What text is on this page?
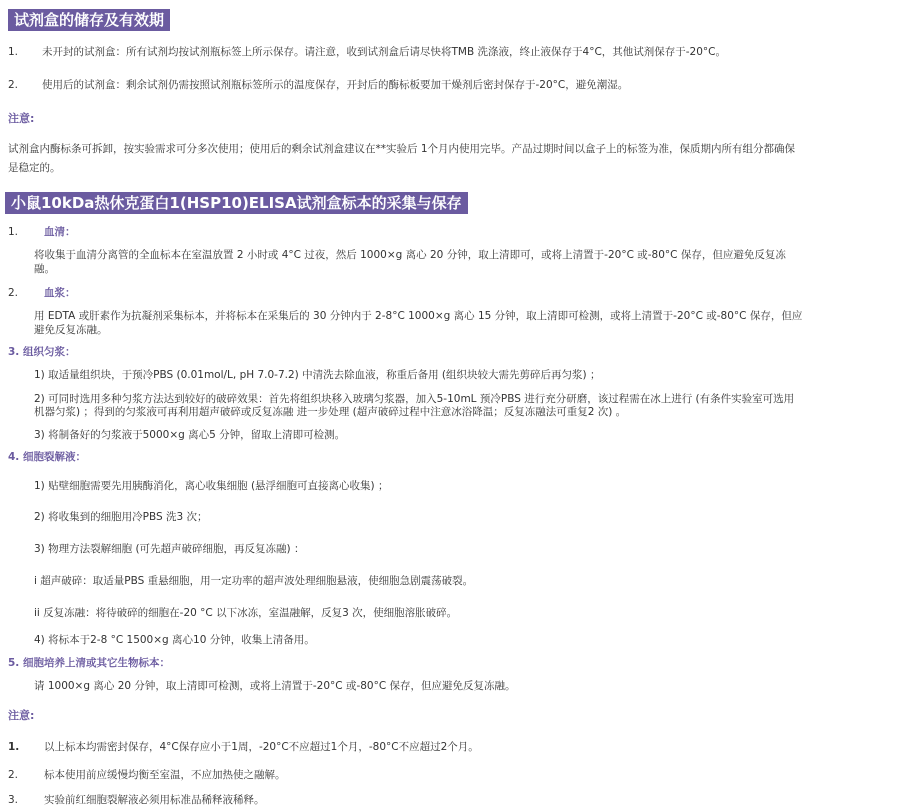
试剂盒的储存及有效期
1. 未开封的试剂盒：所有试剂均按试剂瓶标签上所示保存。请注意，收到试剂盒后请尽快将TMB 洗涤液，终止液保存于4°C，其他试剂保存于-20°C。
2. 使用后的试剂盒：剩余试剂仍需按照试剂瓶标签所示的温度保存，开封后的酶标板要加干燥剂后密封保存于-20°C，避免潮湿。
注意:
试剂盒内酶标条可拆卸，按实验需求可分多次使用；使用后的剩余试剂盒建议在**实验后 1个月内使用完毕。产品过期时间以盒子上的标签为准，保质期内所有组分都确保
是稳定的。
小鼠10kDa热休克蛋白1(HSP10)ELISA试剂盒标本的采集与保存
1. 血清：
将收集于血清分离管的全血标本在室温放置 2 小时或 4°C 过夜，然后 1000×g 离心 20 分钟，取上清即可，或将上清置于-20°C 或-80°C 保存，但应避免反复冻
融。
2. 血浆：
用 EDTA 或肝素作为抗凝剂采集标本，并将标本在采集后的 30 分钟内于 2-8°C 1000×g 离心 15 分钟，取上清即可检测，或将上清置于-20°C 或-80°C 保存，但应
避免反复冻融。
3. 组织匀浆：
1) 取适量组织块，于预冷PBS (0.01mol/L, pH 7.0-7.2) 中清洗去除血液，称重后备用 (组织块较大需先剪碎后再匀浆) ；
2) 可同时选用多种匀浆方法达到较好的破碎效果：首先将组织块移入玻璃匀浆器，加入5-10mL 预冷PBS 进行充分研磨，该过程需在冰上进行 (有条件实验室可选用
机器匀浆) ；得到的匀浆液可再利用超声破碎或反复冻融 进一步处理 (超声破碎过程中注意冰浴降温；反复冻融法可重复2 次) 。
3) 将制备好的匀浆液于5000×g 离心5 分钟，留取上清即可检测。
4. 细胞裂解液：
1) 贴壁细胞需要先用胰酶消化，离心收集细胞 (悬浮细胞可直接离心收集) ；
2) 将收集到的细胞用冷PBS 洗3 次；
3) 物理方法裂解细胞 (可先超声破碎细胞，再反复冻融) ：
ⅰ 超声破碎：取适量PBS 重悬细胞，用一定功率的超声波处理细胞悬液，使细胞急剧震荡破裂。
ⅰⅰ 反复冻融：将待破碎的细胞在-20 °C 以下冰冻，室温融解，反复3 次，使细胞溶胀破碎。
4) 将标本于2-8 °C 1500×g 离心10 分钟，收集上清备用。
5. 细胞培养上清或其它生物标本：
请 1000×g 离心 20 分钟，取上清即可检测，或将上清置于-20°C 或-80°C 保存，但应避免反复冻融。
注意:
1. 以上标本均需密封保存，4°C保存应小于1周，-20°C不应超过1个月，-80°C不应超过2个月。
2. 标本使用前应缓慢均衡至室温，不应加热使之融解。
3. 实验前红细胞裂解液必须用标准品稀释液稀释。
